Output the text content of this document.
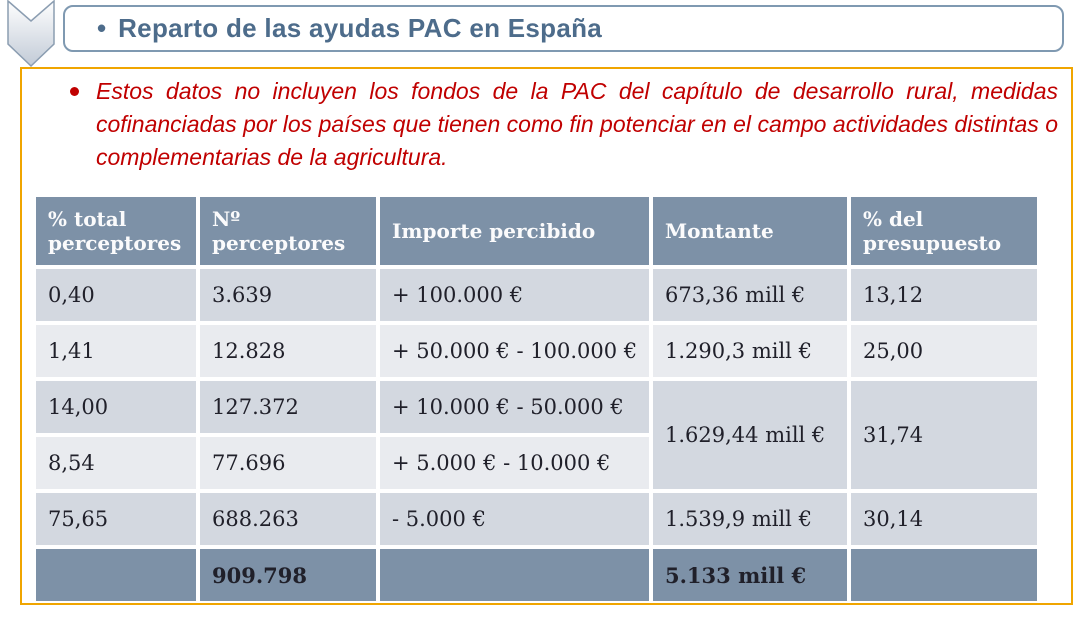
• Reparto de las ayudas PAC en España
Estos datos no incluyen los fondos de la PAC del capítulo de desarrollo rural, medidas cofinanciadas por los países que tienen como fin potenciar en el campo actividades distintas o complementarias de la agricultura.
% total perceptores	Nº perceptores	Importe percibido	Montante	% del presupuesto
0,40	3.639	+ 100.000 €	673,36 mill €	13,12
1,41	12.828	+ 50.000 € - 100.000 €	1.290,3 mill €	25,00
14,00	127.372	+ 10.000 € - 50.000 €	1.629,44 mill €	31,74
8,54	77.696	+ 5.000 € - 10.000 €		
75,65	688.263	- 5.000 €	1.539,9 mill €	30,14
	909.798		5.133 mill €	
